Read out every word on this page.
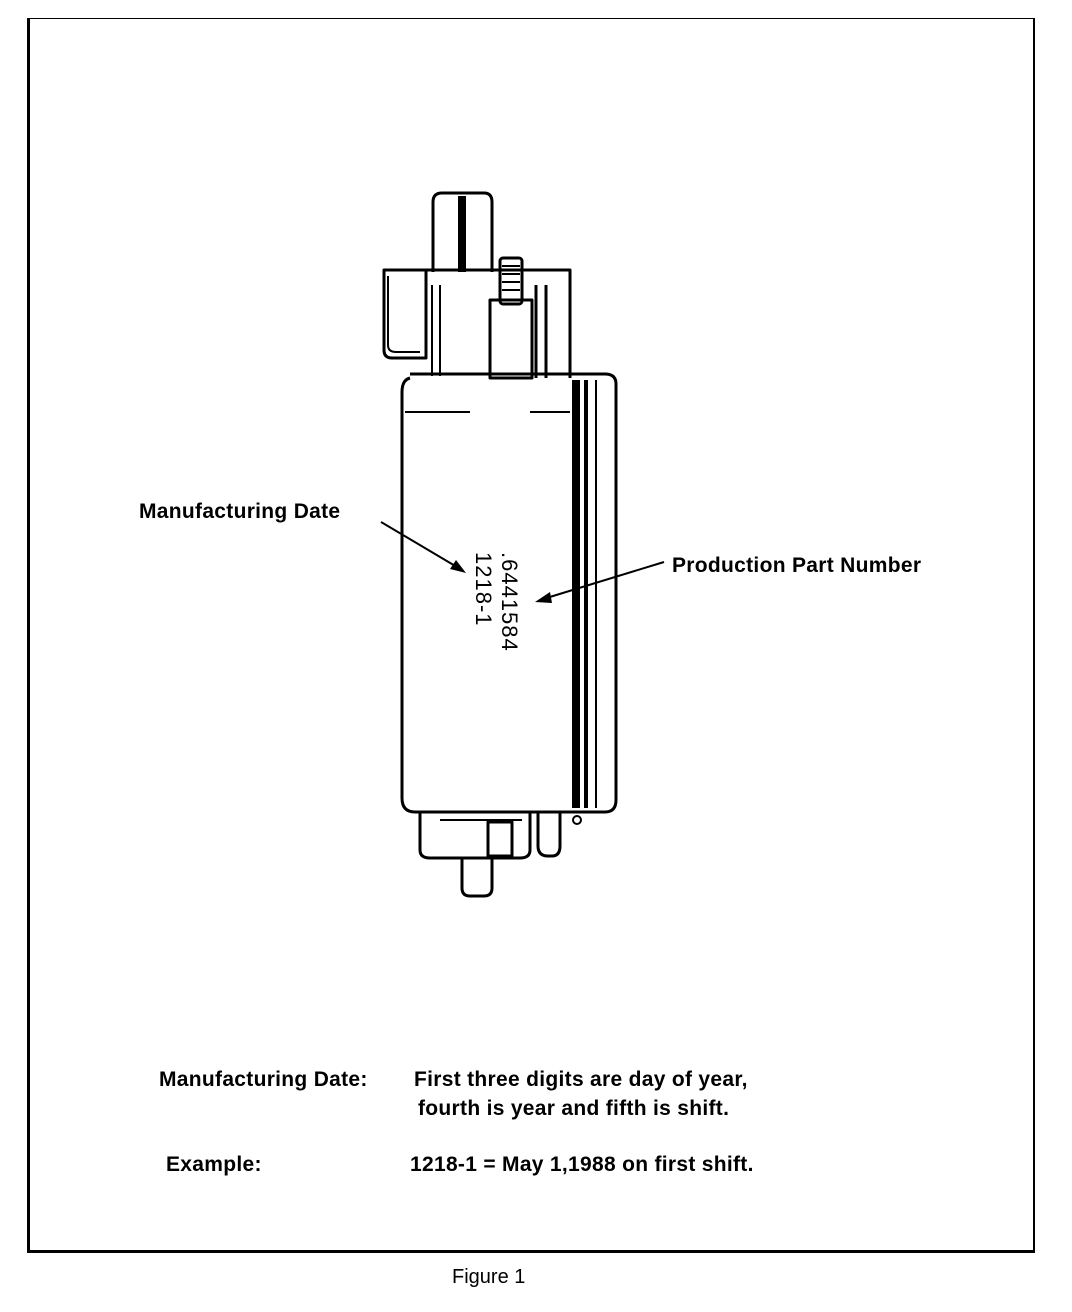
Manufacturing Date
Production Part Number
.6441584
1218-1
Manufacturing Date: First three digits are day of year,
fourth is year and fifth is shift.
Example:	1218-1 = May 1,1988 on first shift.
Figure 1
